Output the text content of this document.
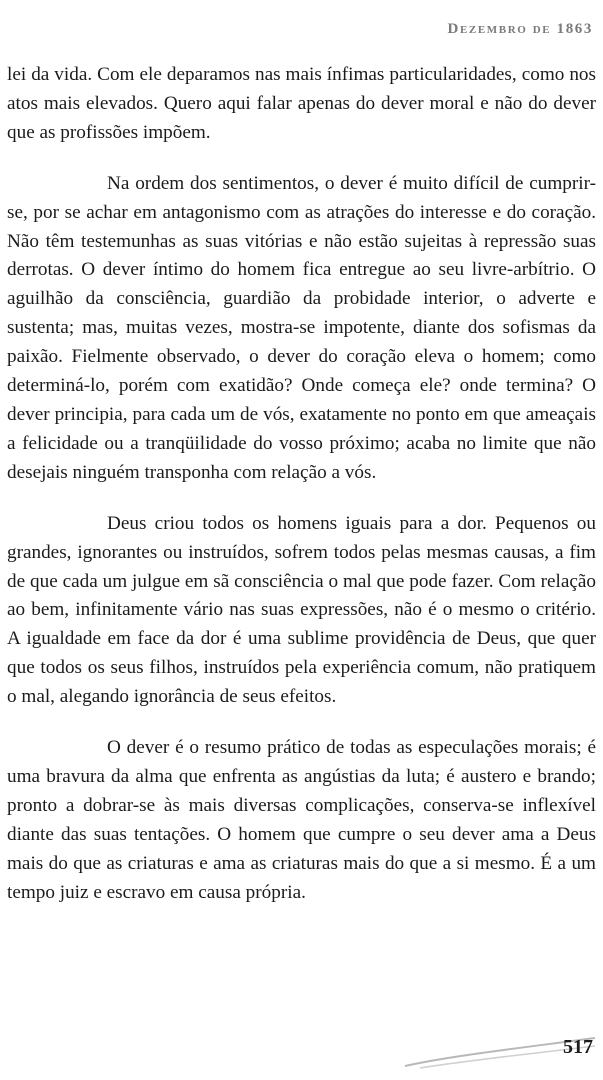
Dezembro de 1863

lei da vida. Com ele deparamos nas mais ínfimas particularidades, como nos atos mais elevados. Quero aqui falar apenas do dever moral e não do dever que as profissões impõem.

Na ordem dos sentimentos, o dever é muito difícil de cumprir-se, por se achar em antagonismo com as atrações do interesse e do coração. Não têm testemunhas as suas vitórias e não estão sujeitas à repressão suas derrotas. O dever íntimo do homem fica entregue ao seu livre-arbítrio. O aguilhão da consciência, guardião da probidade interior, o adverte e sustenta; mas, muitas vezes, mostra-se impotente, diante dos sofismas da paixão. Fielmente observado, o dever do coração eleva o homem; como determiná-lo, porém com exatidão? Onde começa ele? onde termina? O dever principia, para cada um de vós, exatamente no ponto em que ameaçais a felicidade ou a tranqüilidade do vosso próximo; acaba no limite que não desejais ninguém transponha com relação a vós.

Deus criou todos os homens iguais para a dor. Pequenos ou grandes, ignorantes ou instruídos, sofrem todos pelas mesmas causas, a fim de que cada um julgue em sã consciência o mal que pode fazer. Com relação ao bem, infinitamente vário nas suas expressões, não é o mesmo o critério. A igualdade em face da dor é uma sublime providência de Deus, que quer que todos os seus filhos, instruídos pela experiência comum, não pratiquem o mal, alegando ignorância de seus efeitos.

O dever é o resumo prático de todas as especulações morais; é uma bravura da alma que enfrenta as angústias da luta; é austero e brando; pronto a dobrar-se às mais diversas complicações, conserva-se inflexível diante das suas tentações. O homem que cumpre o seu dever ama a Deus mais do que as criaturas e ama as criaturas mais do que a si mesmo. É a um tempo juiz e escravo em causa própria.

517
